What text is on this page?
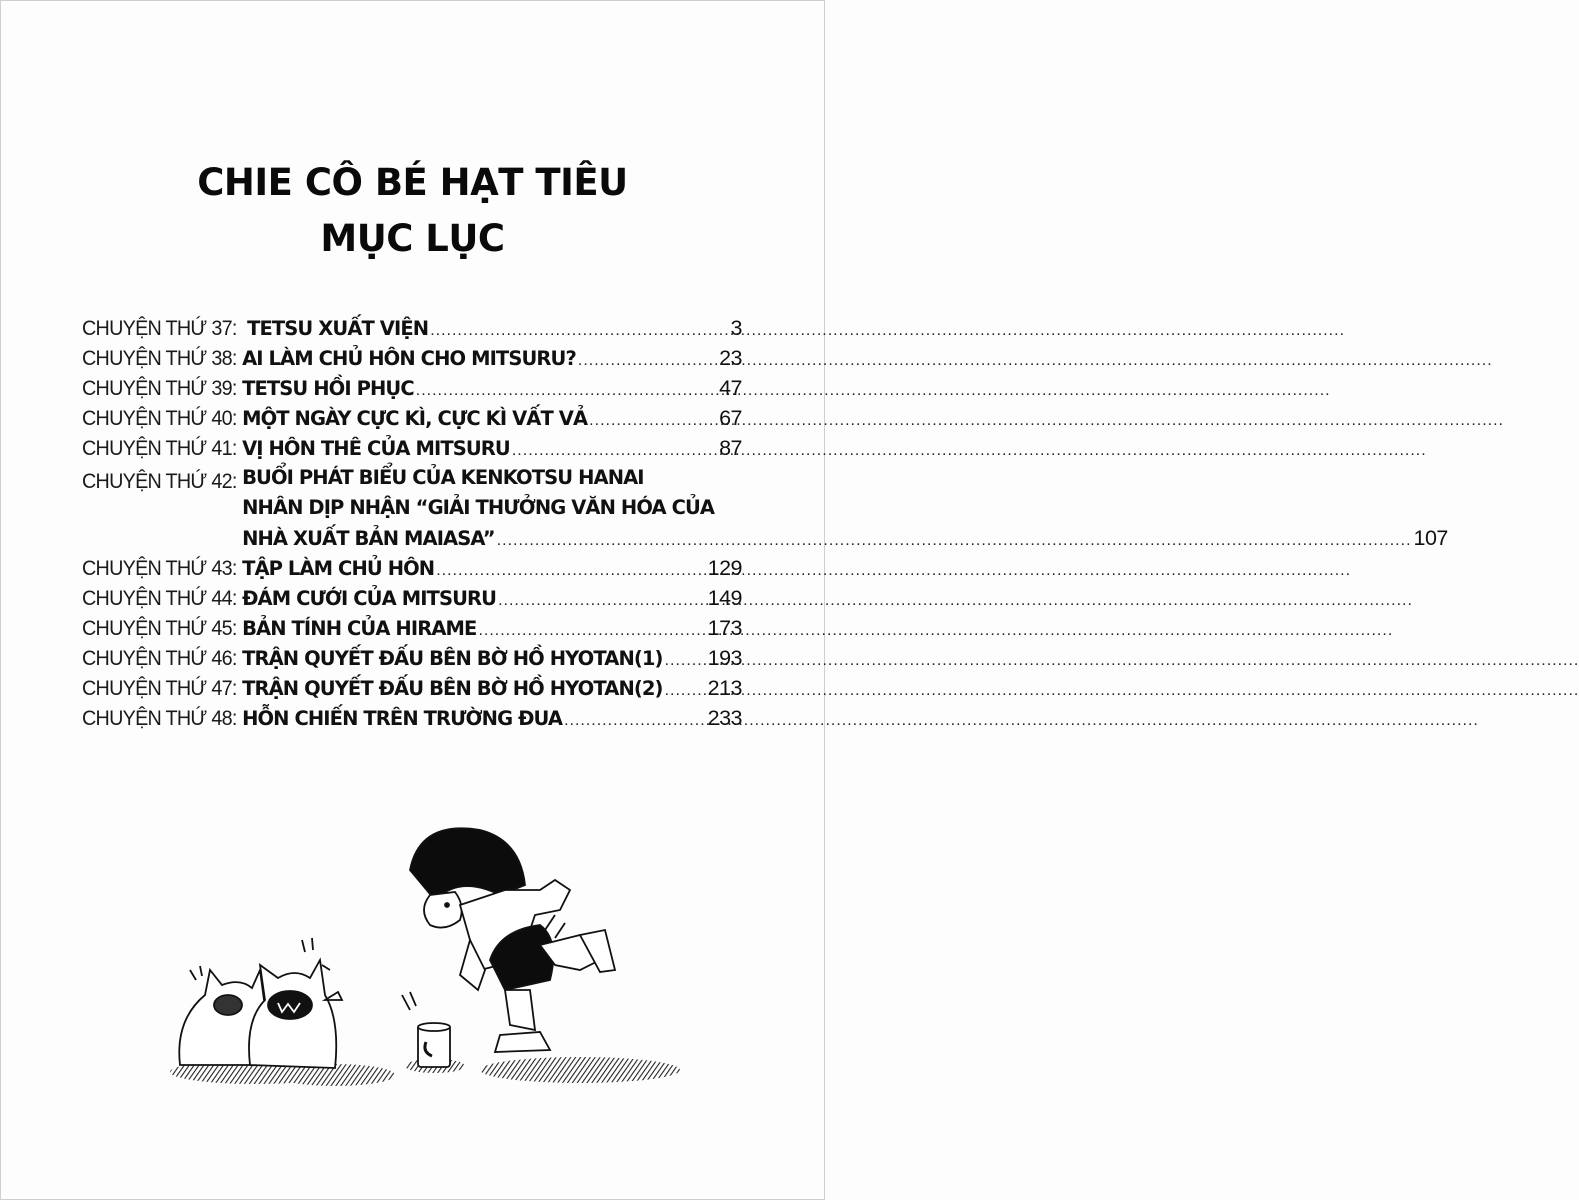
CHIE CÔ BÉ HẠT TIÊU
MỤC LỤC
CHUYỆN THỨ 37: TETSU XUẤT VIỆN .....	3
CHUYỆN THỨ 38: AI LÀM CHỦ HÔN CHO MITSURU? .....	23
CHUYỆN THỨ 39: TETSU HỒI PHỤC .....	47
CHUYỆN THỨ 40: MỘT NGÀY CỰC KÌ, CỰC KÌ VẤT VẢ .....	67
CHUYỆN THỨ 41: VỊ HÔN THÊ CỦA MITSURU .....	87
CHUYỆN THỨ 42: BUỔI PHÁT BIỂU CỦA KENKOTSU HANAI
NHÂN DỊP NHẬN “GIẢI THƯỞNG VĂN HÓA CỦA
NHÀ XUẤT BẢN MAIASA” .....	107
CHUYỆN THỨ 43: TẬP LÀM CHỦ HÔN .....	129
CHUYỆN THỨ 44: ĐÁM CƯỚI CỦA MITSURU .....	149
CHUYỆN THỨ 45: BẢN TÍNH CỦA HIRAME .....	173
CHUYỆN THỨ 46: TRẬN QUYẾT ĐẤU BÊN BỜ HỒ HYOTAN(1) ..... 193
CHUYỆN THỨ 47: TRẬN QUYẾT ĐẤU BÊN BỜ HỒ HYOTAN(2) ..... 213
CHUYỆN THỨ 48: HỖN CHIẾN TRÊN TRƯỜNG ĐUA .....	233
